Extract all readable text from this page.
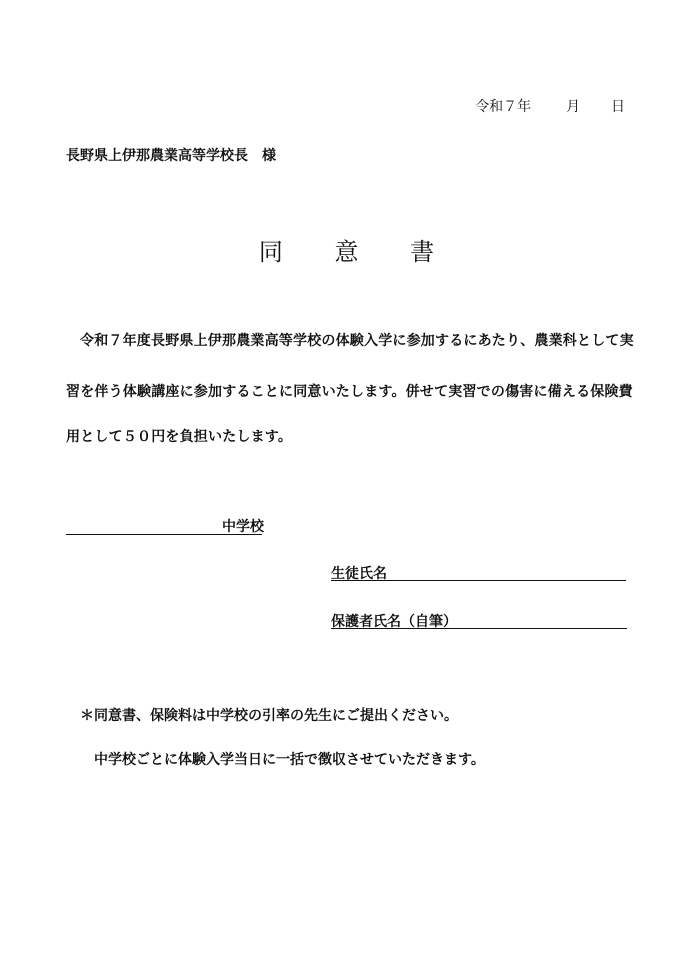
令和７年 月 日
長野県上伊那農業高等学校長　様
同 意 書
令和７年度長野県上伊那農業高等学校の体験入学に参加するにあたり、農業科として実
習を伴う体験講座に参加することに同意いたします。併せて実習での傷害に備える保険費
用として５０円を負担いたします。
中学校
生徒氏名
保護者氏名（自筆）
＊同意書、保険料は中学校の引率の先生にご提出ください。
中学校ごとに体験入学当日に一括で徴収させていただきます。
